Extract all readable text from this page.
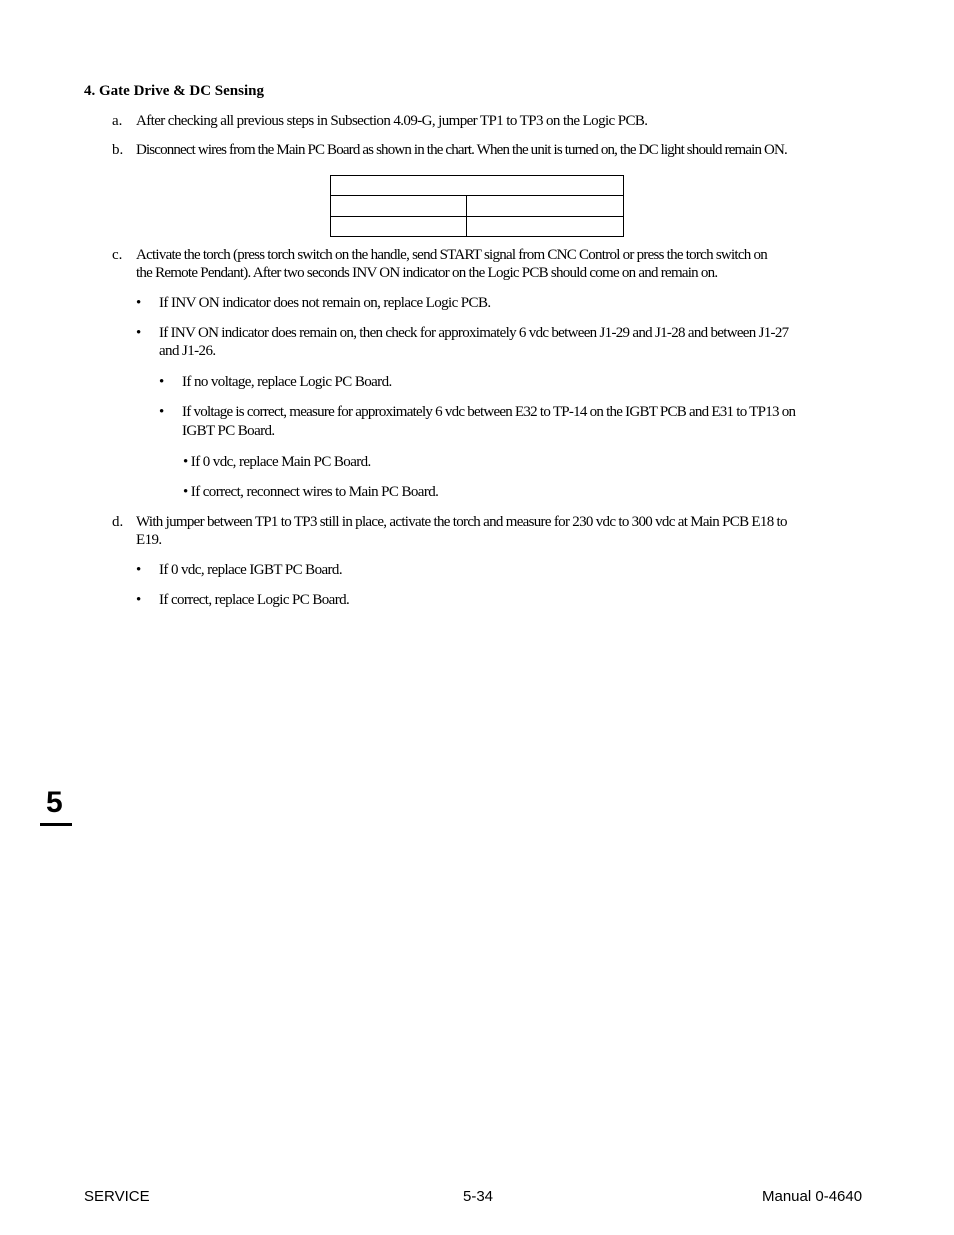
4. Gate Drive & DC Sensing
a. After checking all previous steps in Subsection 4.09-G, jumper TP1 to TP3 on the Logic PCB.
b. Disconnect wires from the Main PC Board as shown in the chart. When the unit is turned on, the DC light should remain ON.

c. Activate the torch (press torch switch on the handle, send START signal from CNC Control or press the torch switch on
the Remote Pendant). After two seconds INV ON indicator on the Logic PCB should come on and remain on.
• If INV ON indicator does not remain on, replace Logic PCB.
• If INV ON indicator does remain on, then check for approximately 6 vdc between J1-29 and J1-28 and between J1-27
and J1-26.
• If no voltage, replace Logic PC Board.
• If voltage is correct, measure for approximately 6 vdc between E32 to TP-14 on the IGBT PCB and E31 to TP13 on
IGBT PC Board.
• If 0 vdc, replace Main PC Board.
• If correct, reconnect wires to Main PC Board.
d. With jumper between TP1 to TP3 still in place, activate the torch and measure for 230 vdc to 300 vdc at Main PCB E18 to
E19.
• If 0 vdc, replace IGBT PC Board.
• If correct, replace Logic PC Board.
5
SERVICE	5-34	Manual 0-4640
